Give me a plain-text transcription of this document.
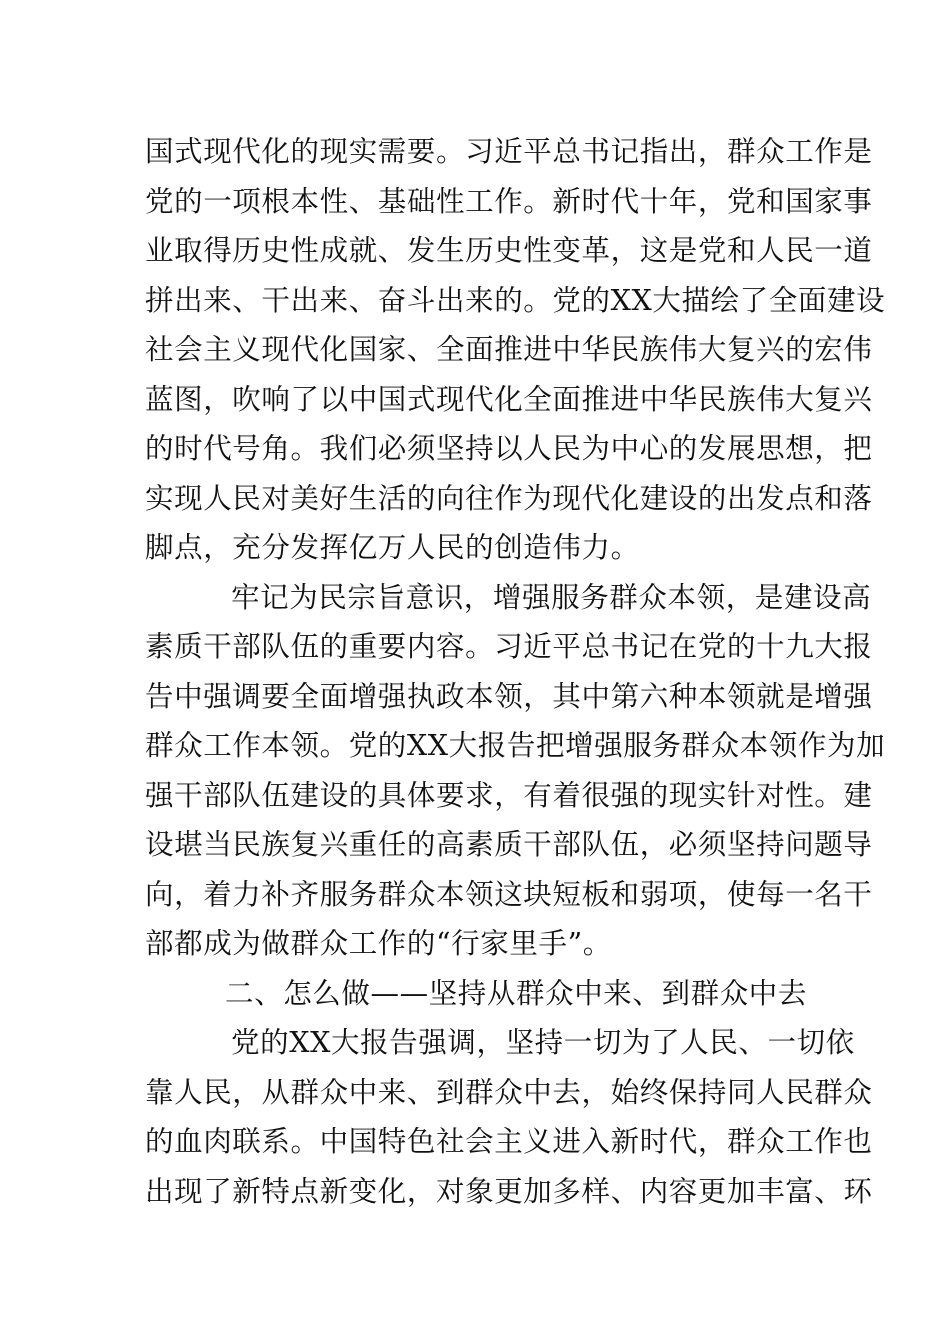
国式现代化的现实需要。习近平总书记指出，群众工作是
党的一项根本性、基础性工作。新时代十年，党和国家事
业取得历史性成就、发生历史性变革，这是党和人民一道
拼出来、干出来、奋斗出来的。党的XX大描绘了全面建设
社会主义现代化国家、全面推进中华民族伟大复兴的宏伟
蓝图，吹响了以中国式现代化全面推进中华民族伟大复兴
的时代号角。我们必须坚持以人民为中心的发展思想，把
实现人民对美好生活的向往作为现代化建设的出发点和落
脚点，充分发挥亿万人民的创造伟力。
牢记为民宗旨意识，增强服务群众本领，是建设高
素质干部队伍的重要内容。习近平总书记在党的十九大报
告中强调要全面增强执政本领，其中第六种本领就是增强
群众工作本领。党的XX大报告把增强服务群众本领作为加
强干部队伍建设的具体要求，有着很强的现实针对性。建
设堪当民族复兴重任的高素质干部队伍，必须坚持问题导
向，着力补齐服务群众本领这块短板和弱项，使每一名干
部都成为做群众工作的“行家里手”。
二、怎么做——坚持从群众中来、到群众中去
党的XX大报告强调，坚持一切为了人民、一切依
靠人民，从群众中来、到群众中去，始终保持同人民群众
的血肉联系。中国特色社会主义进入新时代，群众工作也
出现了新特点新变化，对象更加多样、内容更加丰富、环
